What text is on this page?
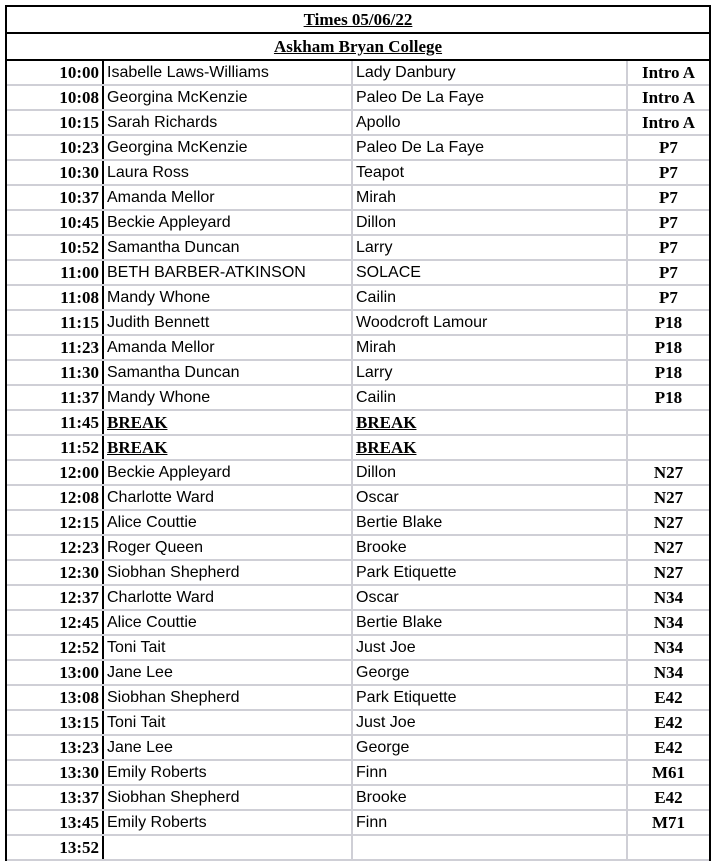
Times 05/06/22
Askham Bryan College
10:00	Isabelle Laws-Williams	Lady Danbury	Intro A
10:08	Georgina McKenzie	Paleo De La Faye	Intro A
10:15	Sarah Richards	Apollo	Intro A
10:23	Georgina McKenzie	Paleo De La Faye	P7
10:30	Laura Ross	Teapot	P7
10:37	Amanda Mellor	Mirah	P7
10:45	Beckie Appleyard	Dillon	P7
10:52	Samantha Duncan	Larry	P7
11:00	BETH BARBER-ATKINSON	SOLACE	P7
11:08	Mandy Whone	Cailin	P7
11:15	Judith Bennett	Woodcroft Lamour	P18
11:23	Amanda Mellor	Mirah	P18
11:30	Samantha Duncan	Larry	P18
11:37	Mandy Whone	Cailin	P18
11:45	BREAK	BREAK	
11:52	BREAK	BREAK	
12:00	Beckie Appleyard	Dillon	N27
12:08	Charlotte Ward	Oscar	N27
12:15	Alice Couttie	Bertie Blake	N27
12:23	Roger Queen	Brooke	N27
12:30	Siobhan Shepherd	Park Etiquette	N27
12:37	Charlotte Ward	Oscar	N34
12:45	Alice Couttie	Bertie Blake	N34
12:52	Toni Tait	Just Joe	N34
13:00	Jane Lee	George	N34
13:08	Siobhan Shepherd	Park Etiquette	E42
13:15	Toni Tait	Just Joe	E42
13:23	Jane Lee	George	E42
13:30	Emily Roberts	Finn	M61
13:37	Siobhan Shepherd	Brooke	E42
13:45	Emily Roberts	Finn	M71
13:52			
